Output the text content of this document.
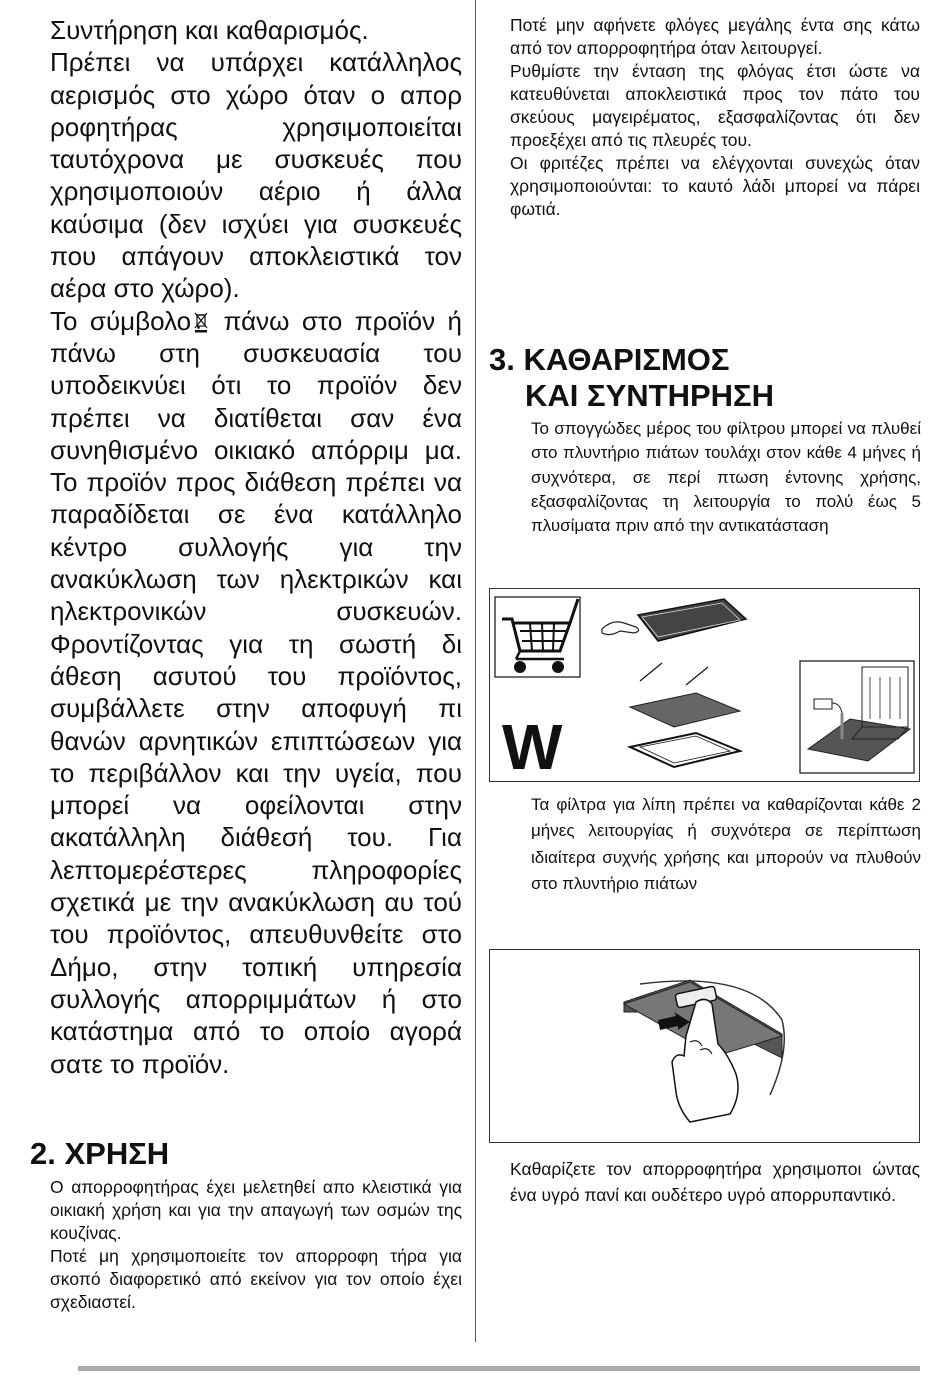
Συντήρηση και καθαρισμός.

Πρέπει να υπάρχει κατάλληλος αερισμός στο χώρο όταν ο απορ ροφητήρας χρησιμοποιείται ταυτόχρονα με συσκευές που χρησιμοποιούν αέριο ή άλλα καύσιμα (δεν ισχύει για συσκευές που απάγουν αποκλειστικά τον αέρα στο χώρο).

Το σύμβολο πάνω στο προϊόν ή πάνω στη συσκευασία του υποδεικνύει ότι το προϊόν δεν πρέπει να διατίθεται σαν ένα συνηθισμένο οικιακό απόρριμ μα. Το προϊόν προς διάθεση πρέπει να παραδίδεται σε ένα κατάλληλο κέντρο συλλογής για την ανακύκλωση των ηλεκτρικών και ηλεκτρονικών συσκευών. Φροντίζοντας για τη σωστή δι άθεση ασυτού του προϊόντος, συμβάλλετε στην αποφυγή πι θανών αρνητικών επιπτώσεων για το περιβάλλον και την υγεία, που μπορεί να οφείλονται στην ακατάλληλη διάθεσή του. Για λεπτομερέστερες πληροφορίες σχετικά με την ανακύκλωση αυ τού του προϊόντος, απευθυνθείτε στο Δήμο, στην τοπική υπηρεσία συλλογής απορριμμάτων ή στο κατάστημα από το οποίο αγορά σατε το προϊόν.

2. ΧΡΗΣΗ

Ο απορροφητήρας έχει μελετηθεί απο κλειστικά για οικιακή χρήση και για την απαγωγή των οσμών της κουζίνας.

Ποτέ μη χρησιμοποιείτε τον απορροφη τήρα για σκοπό διαφορετικό από εκείνον για τον οποίο έχει σχεδιαστεί.

Ποτέ μην αφήνετε φλόγες μεγάλης έντα σης κάτω από τον απορροφητήρα όταν λειτουργεί.

Ρυθμίστε την ένταση της φλόγας έτσι ώστε να κατευθύνεται αποκλειστικά προς τον πάτο του σκεύους μαγειρέματος, εξασφαλίζοντας ότι δεν προεξέχει από τις πλευρές του.

Οι φριτέζες πρέπει να ελέγχονται συνεχώς όταν χρησιμοποιούνται: το καυτό λάδι μπορεί να πάρει φωτιά.

3. ΚΑΘΑΡΙΣΜΟΣ
ΚΑΙ ΣΥΝΤΗΡΗΣΗ

Το σπογγώδες μέρος του φίλτρου μπορεί να πλυθεί στο πλυντήριο πιάτων τουλάχι στον κάθε 4 μήνες ή συχνότερα, σε περί πτωση έντονης χρήσης, εξασφαλίζοντας τη λειτουργία το πολύ έως 5 πλυσίματα πριν από την αντικατάσταση

W

Τα φίλτρα για λίπη πρέπει να καθαρίζονται κάθε 2 μήνες λειτουργίας ή συχνότερα σε περίπτωση ιδιαίτερα συχνής χρήσης και μπορούν να πλυθούν στο πλυντήριο πιάτων

Καθαρίζετε τον απορροφητήρα χρησιμοποι ώντας ένα υγρό πανί και ουδέτερο υγρό απορρυπαντικό.
